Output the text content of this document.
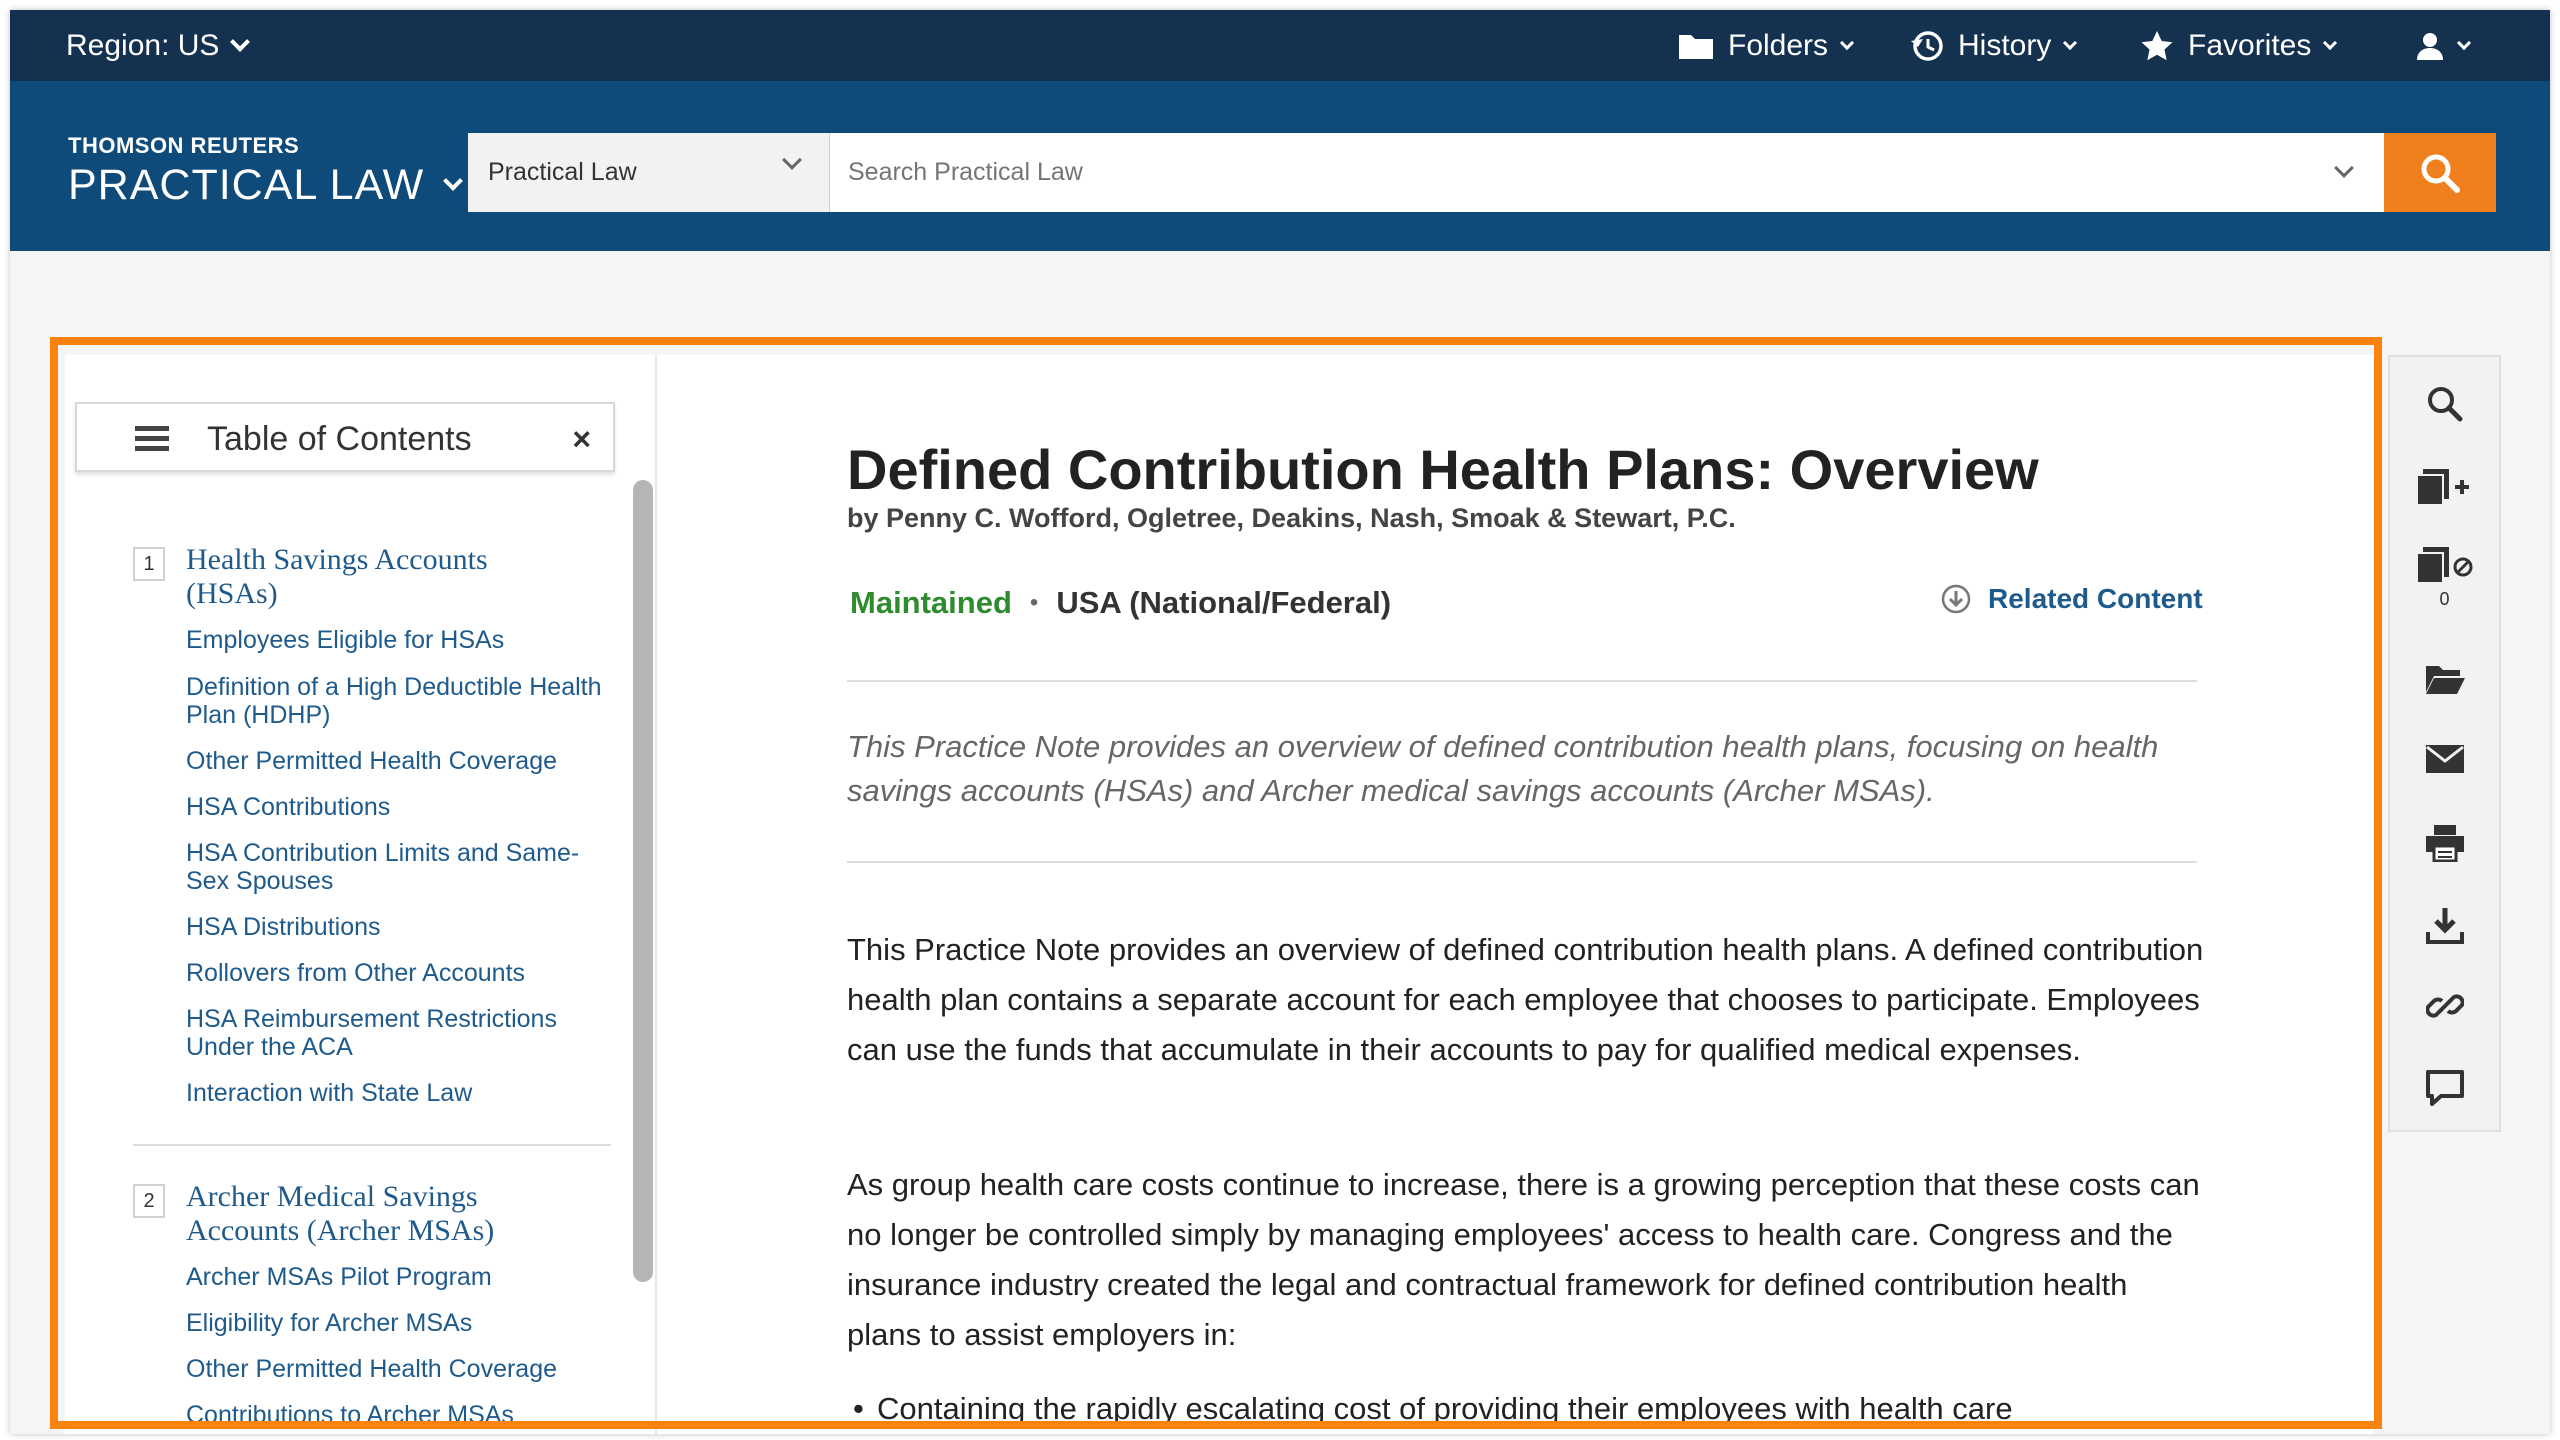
Region: US	Folders	History	Favorites
THOMSON REUTERS
PRACTICAL LAW	Practical Law
Search Practical Law
Table of Contents	×
1	Health Savings Accounts (HSAs)
Employees Eligible for HSAs
Definition of a High Deductible Health Plan (HDHP)
Other Permitted Health Coverage
HSA Contributions
HSA Contribution Limits and Same-Sex Spouses
HSA Distributions
Rollovers from Other Accounts
HSA Reimbursement Restrictions Under the ACA
Interaction with State Law
2	Archer Medical Savings Accounts (Archer MSAs)
Archer MSAs Pilot Program
Eligibility for Archer MSAs
Other Permitted Health Coverage
Contributions to Archer MSAs
Defined Contribution Health Plans: Overview
by Penny C. Wofford, Ogletree, Deakins, Nash, Smoak & Stewart, P.C.
Maintained • USA (National/Federal)	Related Content
This Practice Note provides an overview of defined contribution health plans, focusing on health savings accounts (HSAs) and Archer medical savings accounts (Archer MSAs).
This Practice Note provides an overview of defined contribution health plans. A defined contribution health plan contains a separate account for each employee that chooses to participate. Employees can use the funds that accumulate in their accounts to pay for qualified medical expenses.
As group health care costs continue to increase, there is a growing perception that these costs can no longer be controlled simply by managing employees' access to health care. Congress and the insurance industry created the legal and contractual framework for defined contribution health plans to assist employers in:
• Containing the rapidly escalating cost of providing their employees with health care
0
